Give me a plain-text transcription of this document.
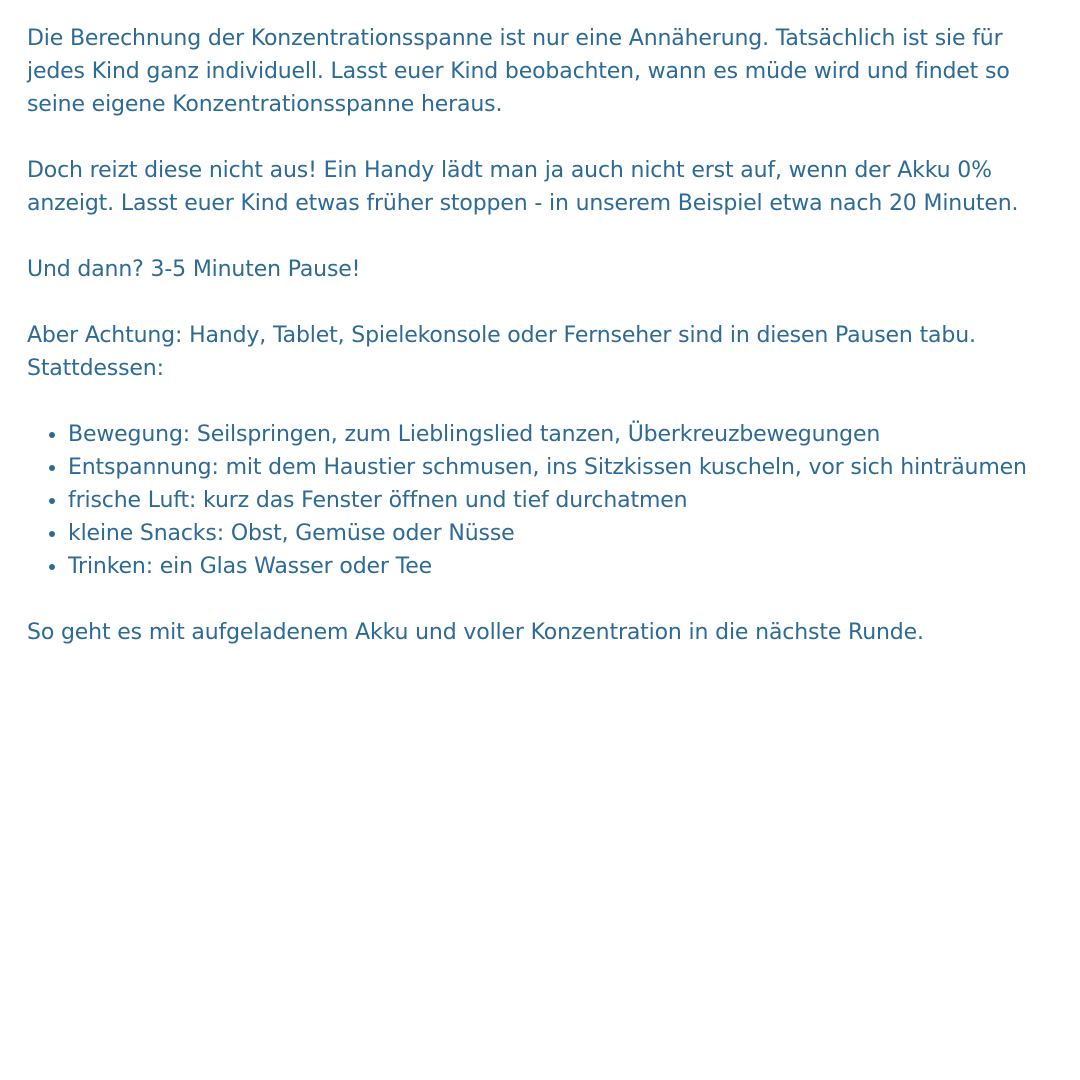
Die Berechnung der Konzentrationsspanne ist nur eine Annäherung. Tatsächlich ist sie für jedes Kind ganz individuell. Lasst euer Kind beobachten, wann es müde wird und findet so seine eigene Konzentrationsspanne heraus.

Doch reizt diese nicht aus! Ein Handy lädt man ja auch nicht erst auf, wenn der Akku 0% anzeigt. Lasst euer Kind etwas früher stoppen - in unserem Beispiel etwa nach 20 Minuten.

Und dann? 3-5 Minuten Pause!

Aber Achtung: Handy, Tablet, Spielekonsole oder Fernseher sind in diesen Pausen tabu. Stattdessen:

• Bewegung: Seilspringen, zum Lieblingslied tanzen, Überkreuzbewegungen
• Entspannung: mit dem Haustier schmusen, ins Sitzkissen kuscheln, vor sich hinträumen
• frische Luft: kurz das Fenster öffnen und tief durchatmen
• kleine Snacks: Obst, Gemüse oder Nüsse
• Trinken: ein Glas Wasser oder Tee

So geht es mit aufgeladenem Akku und voller Konzentration in die nächste Runde.
